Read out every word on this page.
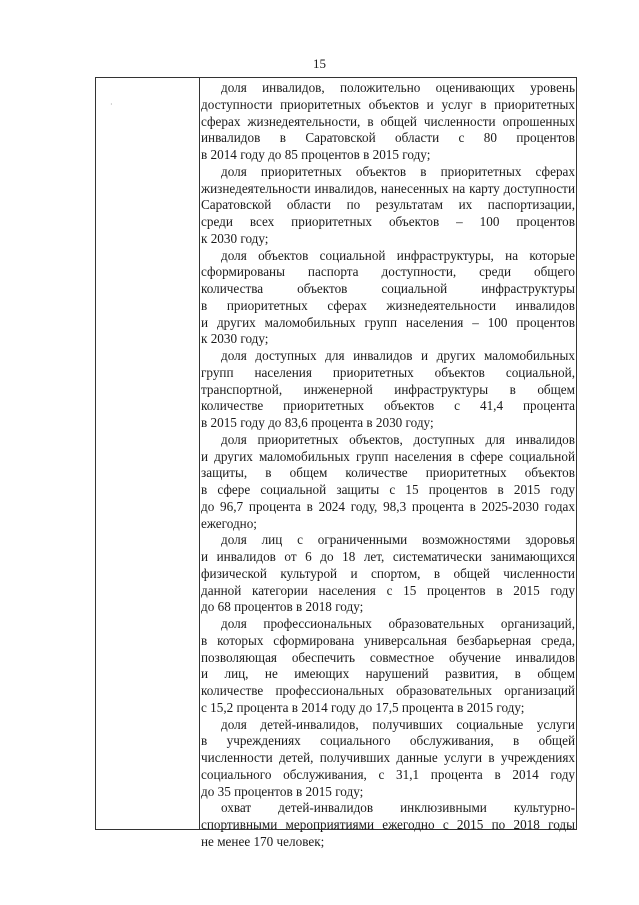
15
·
доля инвалидов, положительно оценивающих уровень
доступности приоритетных объектов и услуг в приоритетных
сферах жизнедеятельности, в общей численности опрошенных
инвалидов в Саратовской области с 80 процентов
в 2014 году до 85 процентов в 2015 году;
доля приоритетных объектов в приоритетных сферах
жизнедеятельности инвалидов, нанесенных на карту доступности
Саратовской области по результатам их паспортизации,
среди всех приоритетных объектов – 100 процентов
к 2030 году;
доля объектов социальной инфраструктуры, на которые
сформированы паспорта доступности, среди общего
количества объектов социальной инфраструктуры
в приоритетных сферах жизнедеятельности инвалидов
и других маломобильных групп населения – 100 процентов
к 2030 году;
доля доступных для инвалидов и других маломобильных
групп населения приоритетных объектов социальной,
транспортной, инженерной инфраструктуры в общем
количестве приоритетных объектов с 41,4 процента
в 2015 году до 83,6 процента в 2030 году;
доля приоритетных объектов, доступных для инвалидов
и других маломобильных групп населения в сфере социальной
защиты, в общем количестве приоритетных объектов
в сфере социальной защиты с 15 процентов в 2015 году
до 96,7 процента в 2024 году, 98,3 процента в 2025-2030 годах
ежегодно;
доля лиц с ограниченными возможностями здоровья
и инвалидов от 6 до 18 лет, систематически занимающихся
физической культурой и спортом, в общей численности
данной категории населения с 15 процентов в 2015 году
до 68 процентов в 2018 году;
доля профессиональных образовательных организаций,
в которых сформирована универсальная безбарьерная среда,
позволяющая обеспечить совместное обучение инвалидов
и лиц, не имеющих нарушений развития, в общем
количестве профессиональных образовательных организаций
с 15,2 процента в 2014 году до 17,5 процента в 2015 году;
доля детей-инвалидов, получивших социальные услуги
в учреждениях социального обслуживания, в общей
численности детей, получивших данные услуги в учреждениях
социального обслуживания, с 31,1 процента в 2014 году
до 35 процентов в 2015 году;
охват детей-инвалидов инклюзивными культурно-
спортивными мероприятиями ежегодно с 2015 по 2018 годы
не менее 170 человек;
